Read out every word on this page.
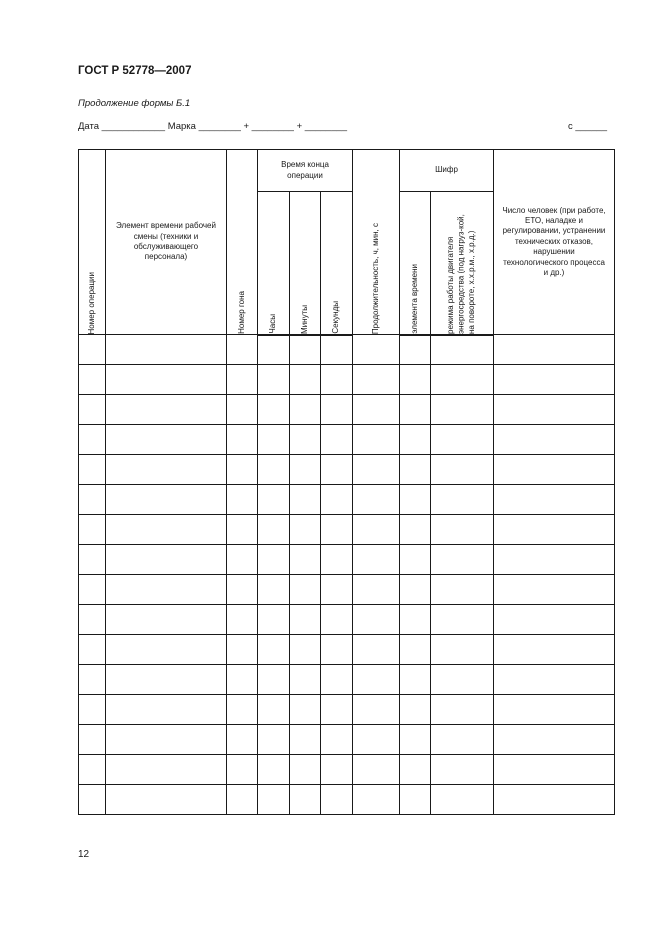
ГОСТ Р 52778—2007
Продолжение формы Б.1
Дата ____________ Марка ________ + ________ + ________	с ______
Номер операции	Элемент времени рабочей смены (техники и обслуживающего персонала)	Номер гона	Время конца операции			Продолжительность, ч, мин, с	Шифр		Число человек (при работе, ЕТО, наладке и регулировании, устранении технических отказов, нарушении технологического процесса и др.)

			Часы	Минуты	Секунды		элемента времени	режима работы двигателя энергосредства (под нагруз-кой, на повороте, х.х.р.м., х.р.д.)	

12
